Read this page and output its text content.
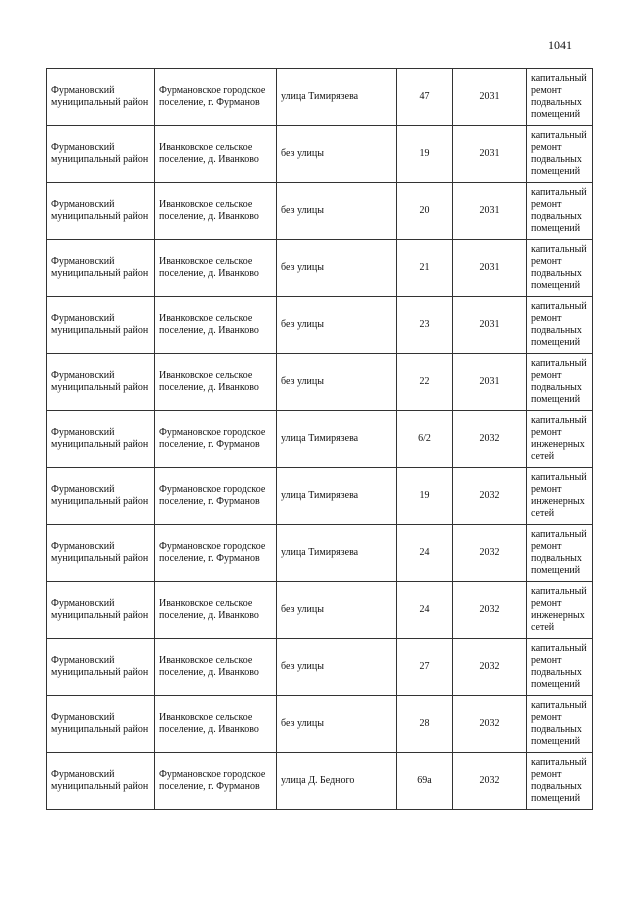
1041
Фурмановский муниципальный район	Фурмановское городское поселение, г. Фурманов	улица Тимирязева	47	2031	капитальный ремонт подвальных помещений
Фурмановский муниципальный район	Иванковское сельское поселение, д. Иванково	без улицы	19	2031	капитальный ремонт подвальных помещений
Фурмановский муниципальный район	Иванковское сельское поселение, д. Иванково	без улицы	20	2031	капитальный ремонт подвальных помещений
Фурмановский муниципальный район	Иванковское сельское поселение, д. Иванково	без улицы	21	2031	капитальный ремонт подвальных помещений
Фурмановский муниципальный район	Иванковское сельское поселение, д. Иванково	без улицы	23	2031	капитальный ремонт подвальных помещений
Фурмановский муниципальный район	Иванковское сельское поселение, д. Иванково	без улицы	22	2031	капитальный ремонт подвальных помещений
Фурмановский муниципальный район	Фурмановское городское поселение, г. Фурманов	улица Тимирязева	6/2	2032	капитальный ремонт инженерных сетей
Фурмановский муниципальный район	Фурмановское городское поселение, г. Фурманов	улица Тимирязева	19	2032	капитальный ремонт инженерных сетей
Фурмановский муниципальный район	Фурмановское городское поселение, г. Фурманов	улица Тимирязева	24	2032	капитальный ремонт подвальных помещений
Фурмановский муниципальный район	Иванковское сельское поселение, д. Иванково	без улицы	24	2032	капитальный ремонт инженерных сетей
Фурмановский муниципальный район	Иванковское сельское поселение, д. Иванково	без улицы	27	2032	капитальный ремонт подвальных помещений
Фурмановский муниципальный район	Иванковское сельское поселение, д. Иванково	без улицы	28	2032	капитальный ремонт подвальных помещений
Фурмановский муниципальный район	Фурмановское городское поселение, г. Фурманов	улица Д. Бедного	69а	2032	капитальный ремонт подвальных помещений
